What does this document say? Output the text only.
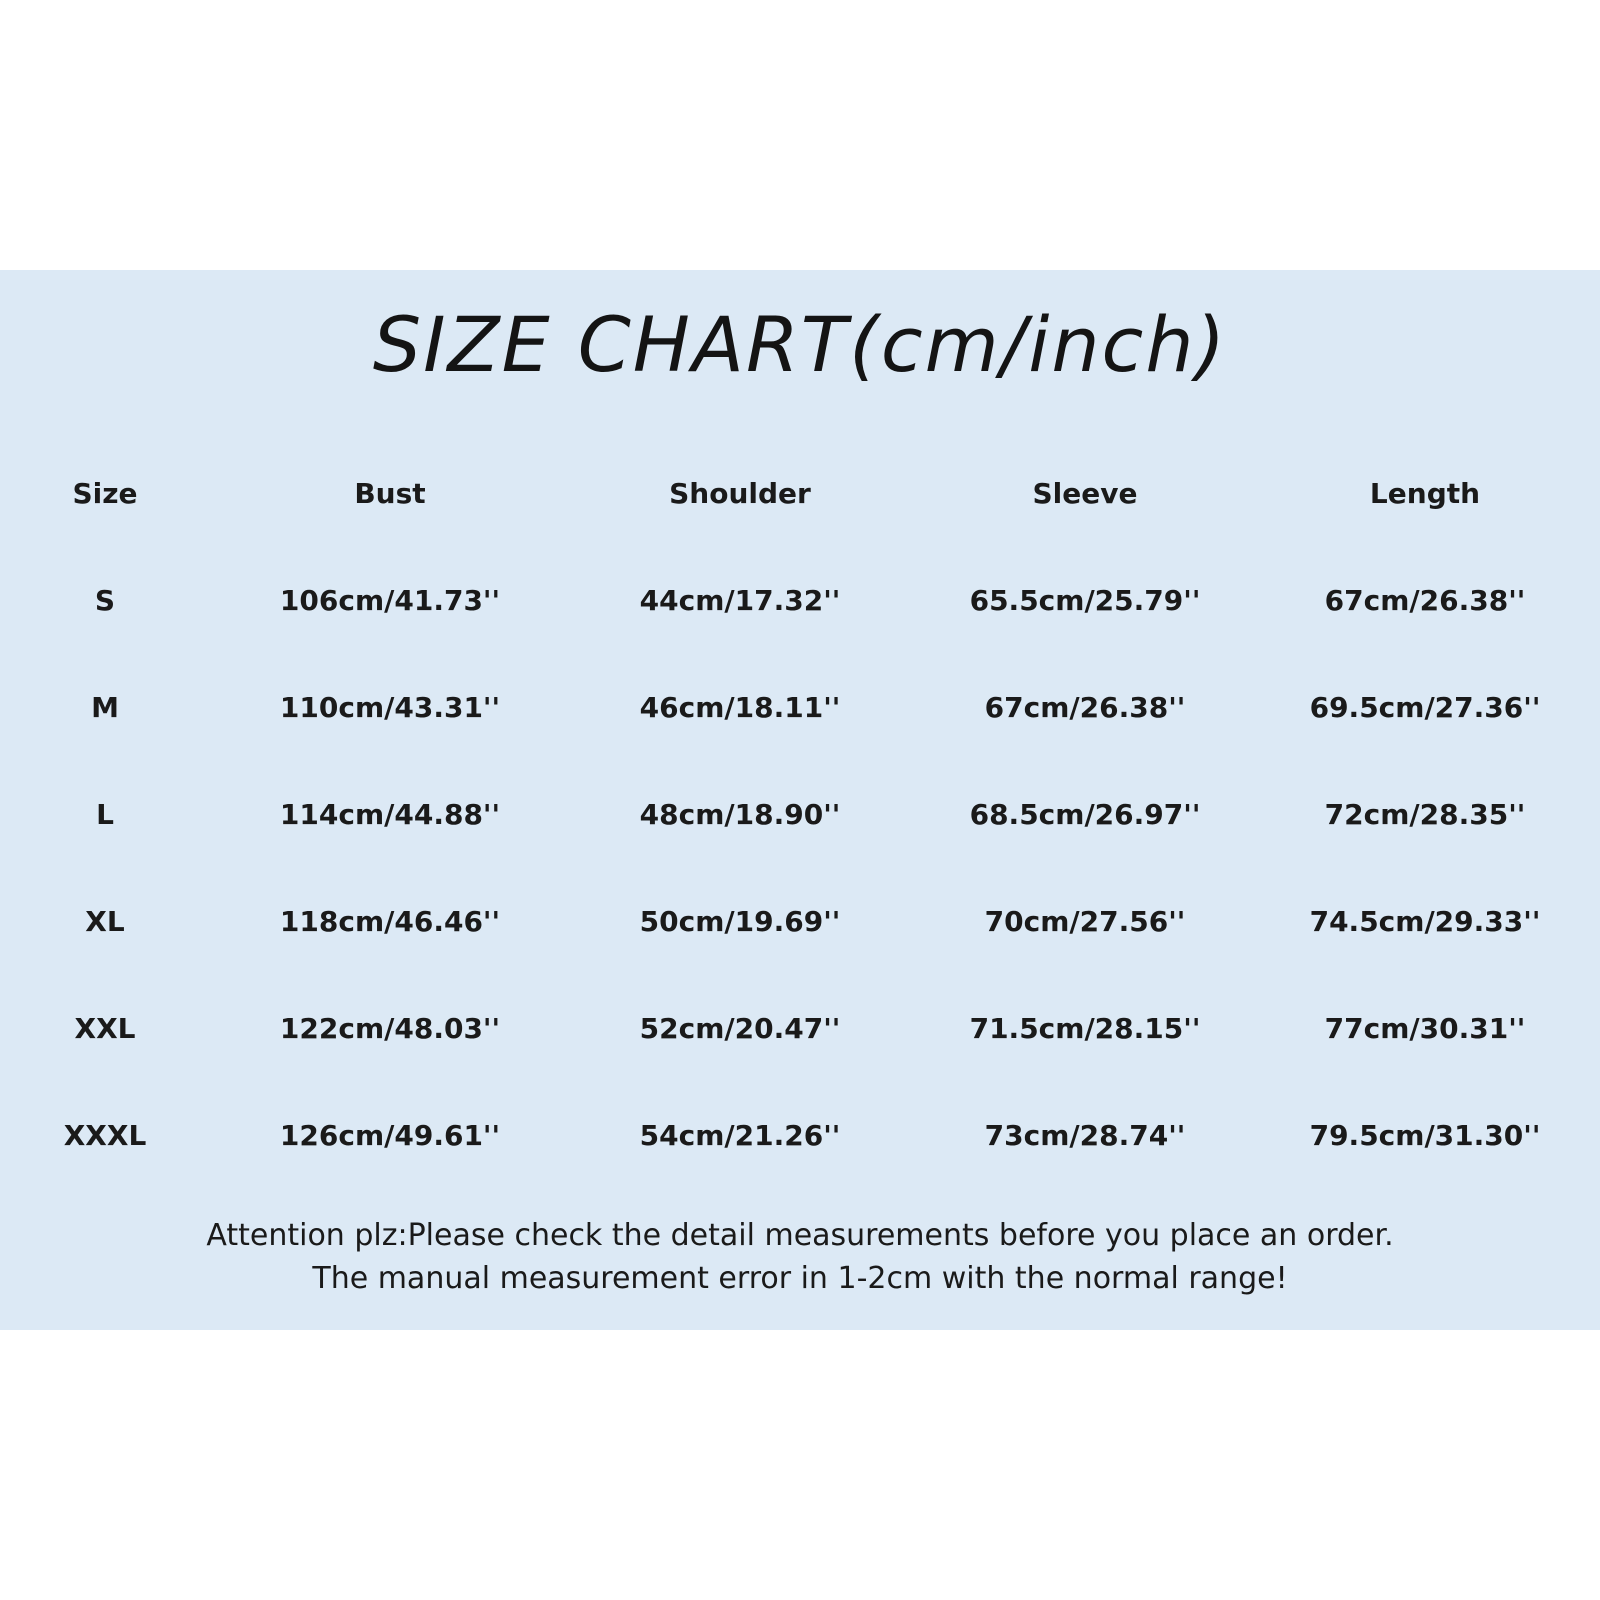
SIZE CHART(cm/inch)
Size	Bust	Shoulder	Sleeve	Length
S	106cm/41.73''	44cm/17.32''	65.5cm/25.79''	67cm/26.38''
M	110cm/43.31''	46cm/18.11''	67cm/26.38''	69.5cm/27.36''
L	114cm/44.88''	48cm/18.90''	68.5cm/26.97''	72cm/28.35''
XL	118cm/46.46''	50cm/19.69''	70cm/27.56''	74.5cm/29.33''
XXL	122cm/48.03''	52cm/20.47''	71.5cm/28.15''	77cm/30.31''
XXXL	126cm/49.61''	54cm/21.26''	73cm/28.74''	79.5cm/31.30''
Attention plz:Please check the detail measurements before you place an order.
The manual measurement error in 1-2cm with the normal range!
